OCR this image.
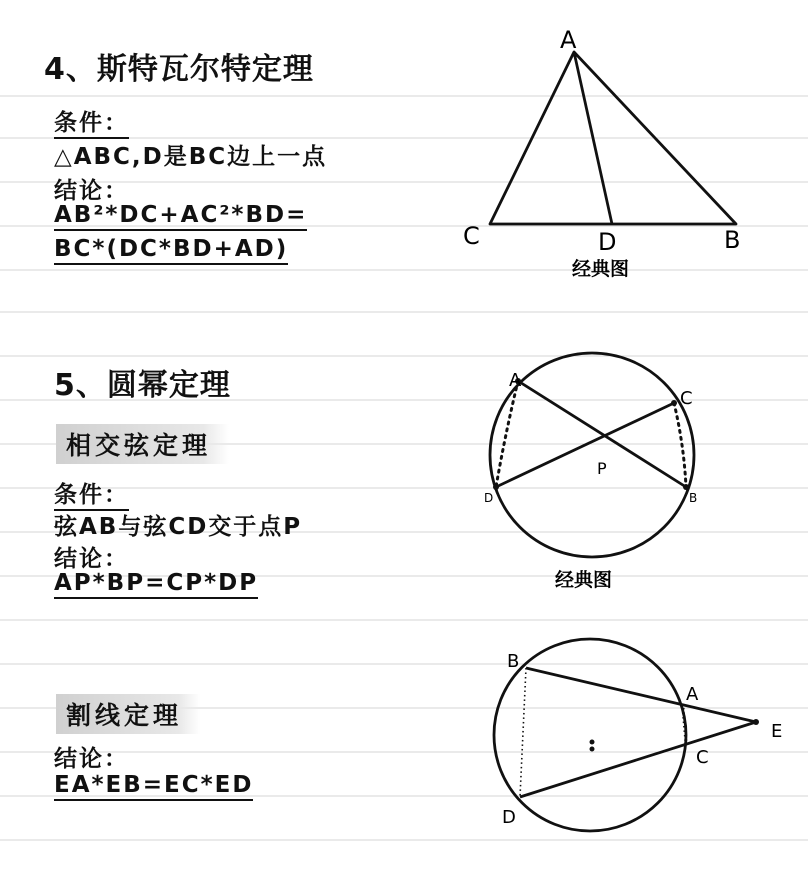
4、斯特瓦尔特定理
条件：
△ABC,D是BC边上一点
结论：
AB²*DC+AC²*BD=
BC*(DC*BD+AD)
5、圆幂定理
相交弦定理
条件：
弦AB与弦CD交于点P
结论：
AP*BP=CP*DP
割线定理
结论：
EA*EB=EC*ED
A
C	D	B
经典图
A
C
P
D	B
经典图
B
A
E
C
D
